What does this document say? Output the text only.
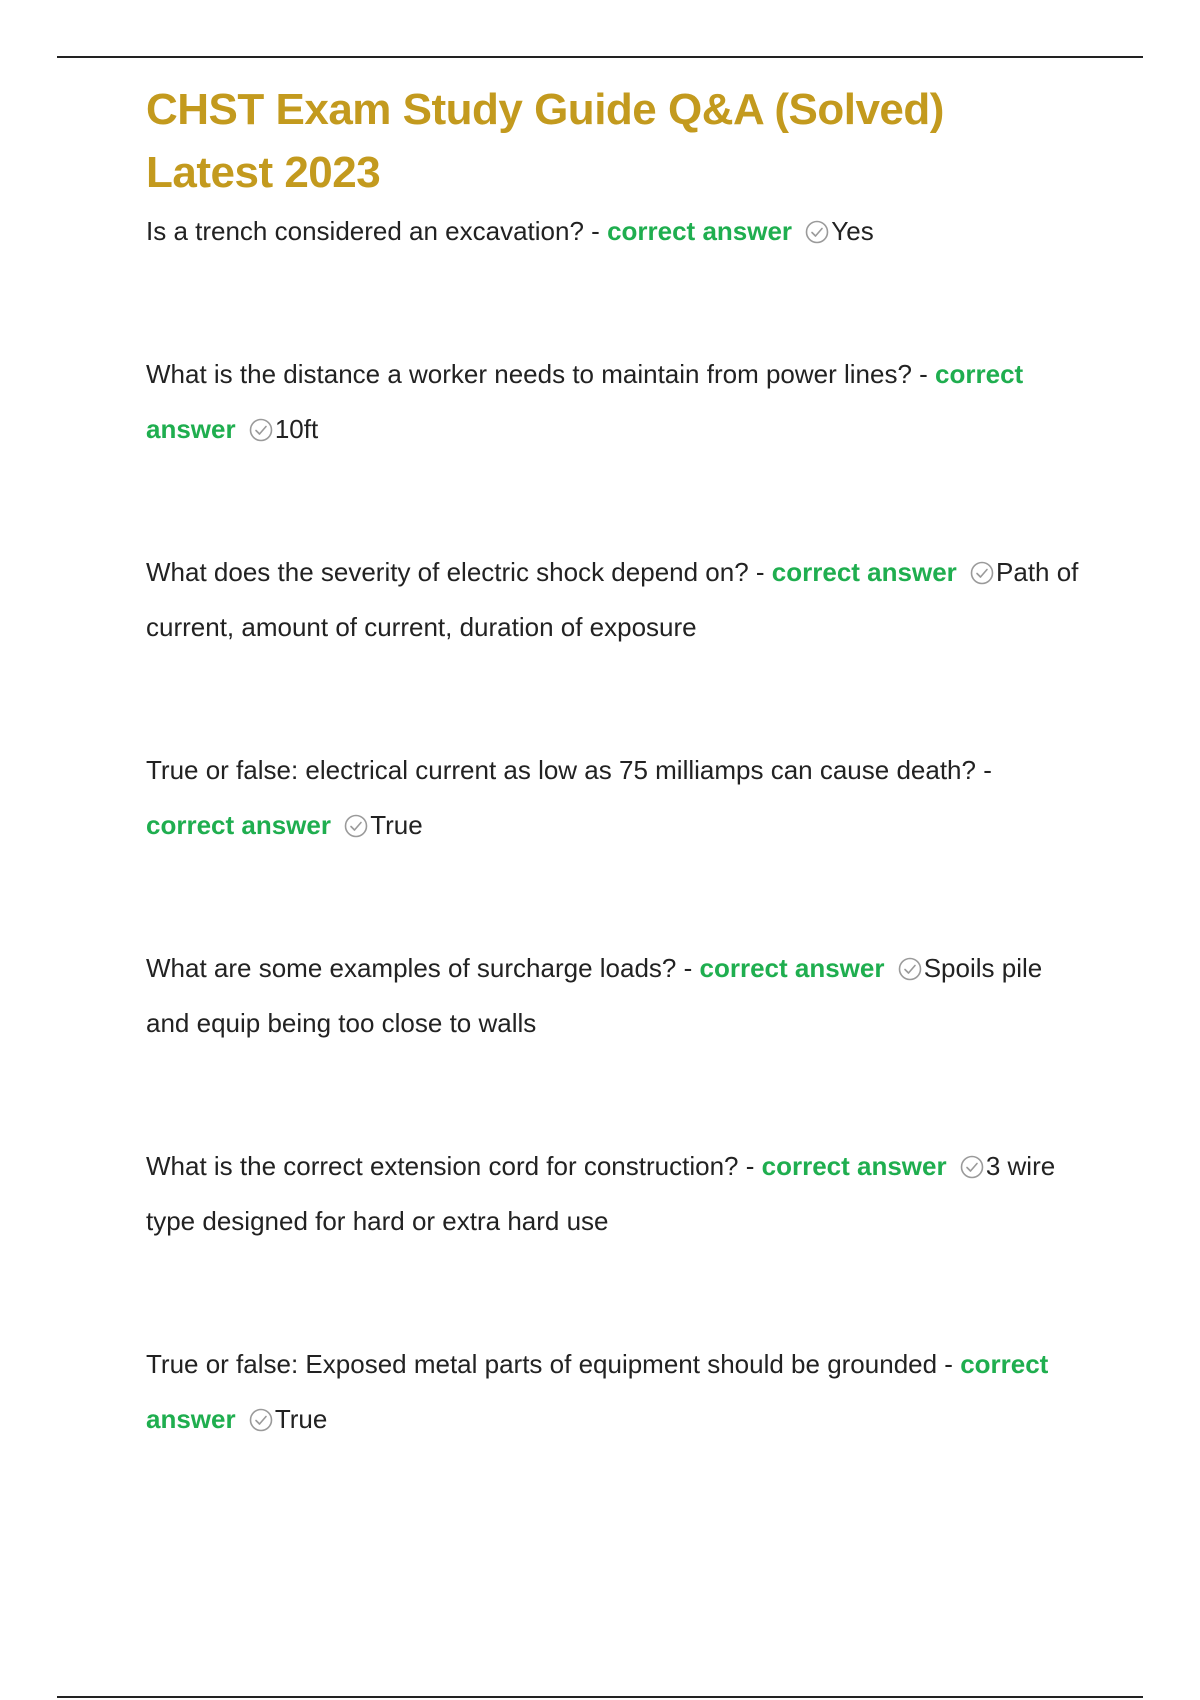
CHST Exam Study Guide Q&A (Solved)
Latest 2023

Is a trench considered an excavation? - correct answer Yes

What is the distance a worker needs to maintain from power lines? - correct answer 10ft

What does the severity of electric shock depend on? - correct answer Path of current, amount of current, duration of exposure

True or false: electrical current as low as 75 milliamps can cause death? - correct answer True

What are some examples of surcharge loads? - correct answer Spoils pile and equip being too close to walls

What is the correct extension cord for construction? - correct answer 3 wire type designed for hard or extra hard use

True or false: Exposed metal parts of equipment should be grounded - correct answer True
